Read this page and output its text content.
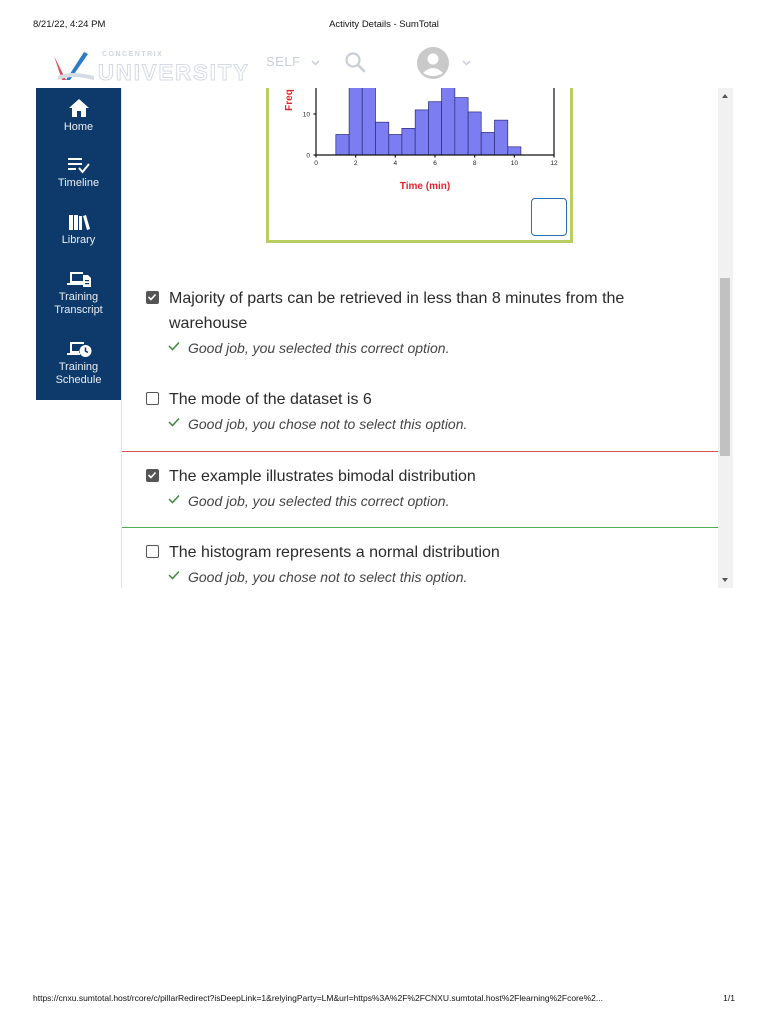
8/21/22, 4:24 PM	Activity Details - SumTotal
CONCENTRIX
UNIVERSITY SELF

Home
Timeline
Library
Training Transcript
Training Schedule
0	2	4	6	8	10	12
0
10
Time (min)
Freq
Majority of parts can be retrieved in less than 8 minutes from the warehouse
Good job, you selected this correct option.
The mode of the dataset is 6
Good job, you chose not to select this option.
The example illustrates bimodal distribution
Good job, you selected this correct option.
The histogram represents a normal distribution
Good job, you chose not to select this option.
https://cnxu.sumtotal.host/rcore/c/pillarRedirect?isDeepLink=1&relyingParty=LM&url=https%3A%2F%2FCNXU.sumtotal.host%2Flearning%2Fcore%2...	1/1
